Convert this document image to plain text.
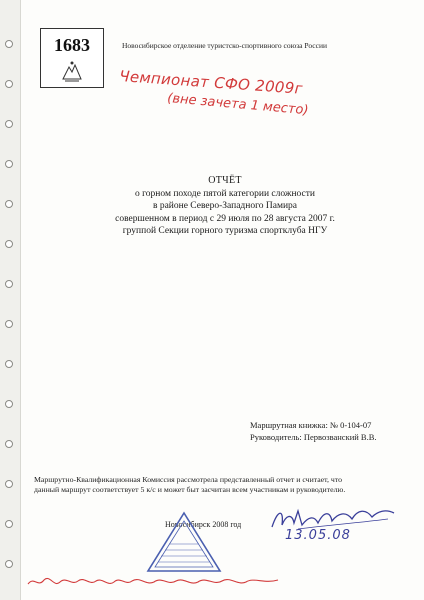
1683	Новосибирское отделение туристско-спортивного союза России
Чемпионат СФО 2009г
(вне зачета 1 место)
ОТЧЁТ
о горном походе пятой категории сложности
в районе Северо-Западного Памира
совершенном в период с 29 июля по 28 августа 2007 г.
группой Секции горного туризма спортклуба НГУ
Маршрутная книжка: № 0-104-07
Руководитель: Первозванский В.В.
Маршрутно-Квалификационная Комиссия рассмотрела представленный отчет и считает, что
данный маршрут соответствует 5 к/с и может быт засчитан всем участникам и руководителю.
Новосибирск 2008 год
13.05.08
